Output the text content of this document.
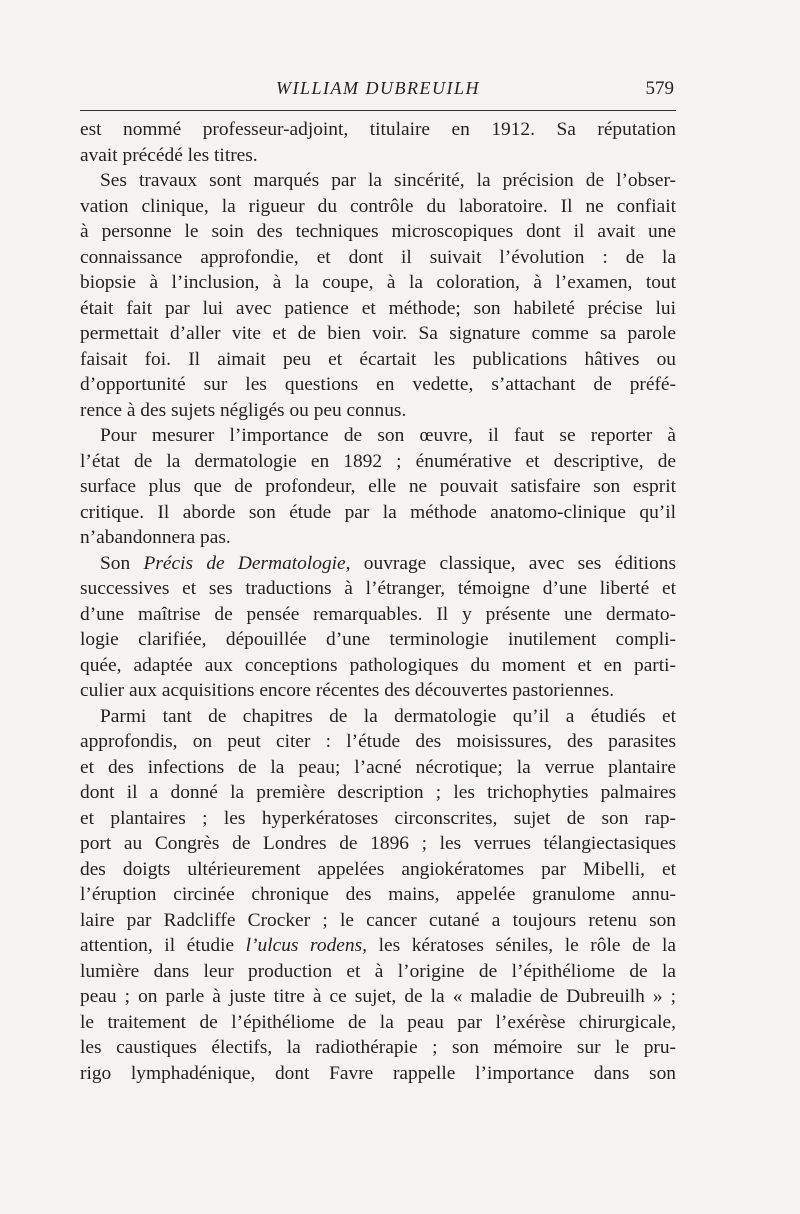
WILLIAM DUBREUILH	579
est nommé professeur-adjoint, titulaire en 1912. Sa réputation
avait précédé les titres.
Ses travaux sont marqués par la sincérité, la précision de l’obser-
vation clinique, la rigueur du contrôle du laboratoire. Il ne confiait
à personne le soin des techniques microscopiques dont il avait une
connaissance approfondie, et dont il suivait l’évolution : de la
biopsie à l’inclusion, à la coupe, à la coloration, à l’examen, tout
était fait par lui avec patience et méthode; son habileté précise lui
permettait d’aller vite et de bien voir. Sa signature comme sa parole
faisait foi. Il aimait peu et écartait les publications hâtives ou
d’opportunité sur les questions en vedette, s’attachant de préfé-
rence à des sujets négligés ou peu connus.
Pour mesurer l’importance de son œuvre, il faut se reporter à
l’état de la dermatologie en 1892 ; énumérative et descriptive, de
surface plus que de profondeur, elle ne pouvait satisfaire son esprit
critique. Il aborde son étude par la méthode anatomo-clinique qu’il
n’abandonnera pas.
Son Précis de Dermatologie, ouvrage classique, avec ses éditions
successives et ses traductions à l’étranger, témoigne d’une liberté et
d’une maîtrise de pensée remarquables. Il y présente une dermato-
logie clarifiée, dépouillée d’une terminologie inutilement compli-
quée, adaptée aux conceptions pathologiques du moment et en parti-
culier aux acquisitions encore récentes des découvertes pastoriennes.
Parmi tant de chapitres de la dermatologie qu’il a étudiés et
approfondis, on peut citer : l’étude des moisissures, des parasites
et des infections de la peau; l’acné nécrotique; la verrue plantaire
dont il a donné la première description ; les trichophyties palmaires
et plantaires ; les hyperkératoses circonscrites, sujet de son rap-
port au Congrès de Londres de 1896 ; les verrues télangiectasiques
des doigts ultérieurement appelées angiokératomes par Mibelli, et
l’éruption circinée chronique des mains, appelée granulome annu-
laire par Radcliffe Crocker ; le cancer cutané a toujours retenu son
attention, il étudie l’ulcus rodens, les kératoses séniles, le rôle de la
lumière dans leur production et à l’origine de l’épithéliome de la
peau ; on parle à juste titre à ce sujet, de la « maladie de Dubreuilh » ;
le traitement de l’épithéliome de la peau par l’exérèse chirurgicale,
les caustiques électifs, la radiothérapie ; son mémoire sur le pru-
rigo lymphadénique, dont Favre rappelle l’importance dans son
